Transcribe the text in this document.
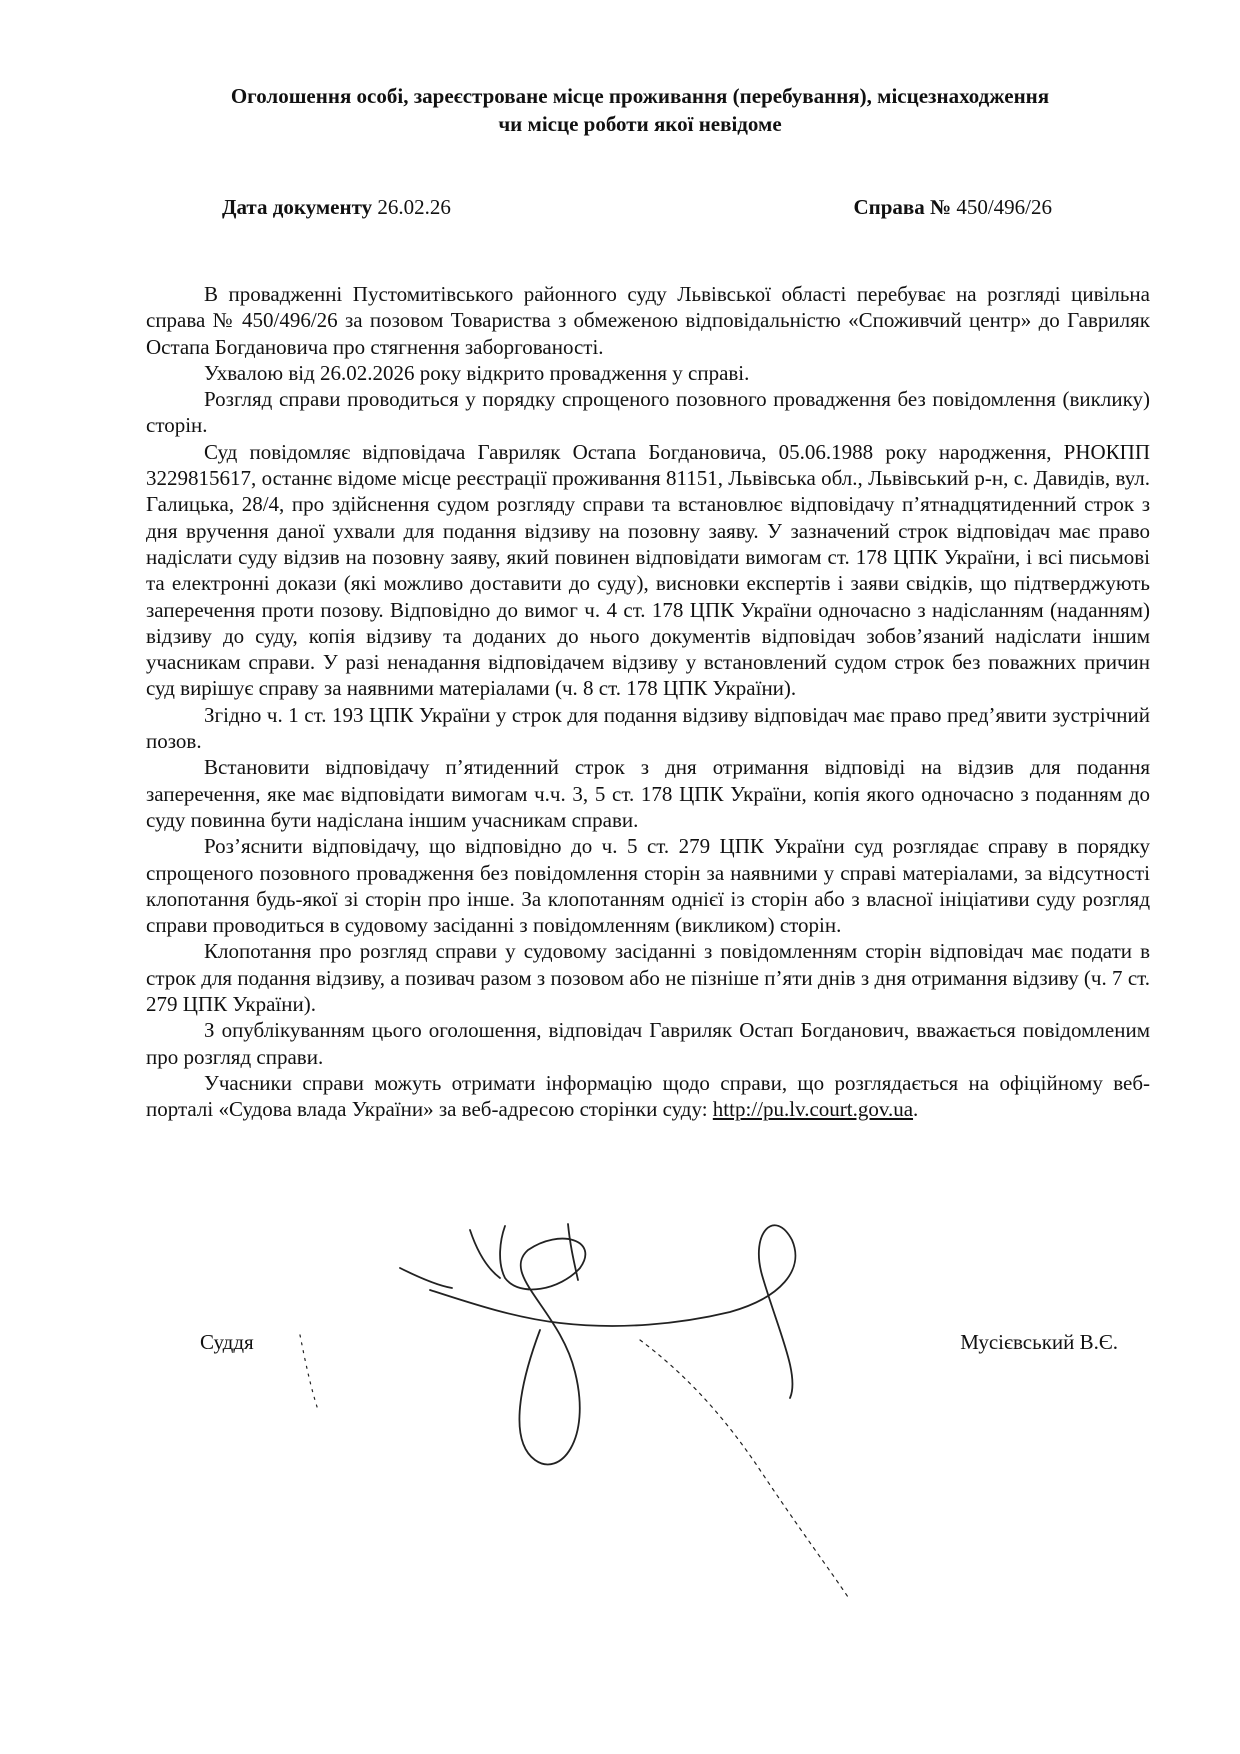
Оголошення особі, зареєстроване місце проживання (перебування), місцезнаходження
чи місце роботи якої невідоме
Дата документу 26.02.26	Справа № 450/496/26

В провадженні Пустомитівського районного суду Львівської області перебуває на розгляді цивільна справа № 450/496/26 за позовом Товариства з обмеженою відповідальністю «Споживчий центр» до Гавриляк Остапа Богдановича про стягнення заборгованості.

Ухвалою від 26.02.2026 року відкрито провадження у справі.

Розгляд справи проводиться у порядку спрощеного позовного провадження без повідомлення (виклику) сторін.

Суд повідомляє відповідача Гавриляк Остапа Богдановича, 05.06.1988 року народження, РНОКПП 3229815617, останнє відоме місце реєстрації проживання 81151, Львівська обл., Львівський р-н, с. Давидів, вул. Галицька, 28/4, про здійснення судом розгляду справи та встановлює відповідачу п’ятнадцятиденний строк з дня вручення даної ухвали для подання відзиву на позовну заяву. У зазначений строк відповідач має право надіслати суду відзив на позовну заяву, який повинен відповідати вимогам ст. 178 ЦПК України, і всі письмові та електронні докази (які можливо доставити до суду), висновки експертів і заяви свідків, що підтверджують заперечення проти позову. Відповідно до вимог ч. 4 ст. 178 ЦПК України одночасно з надісланням (наданням) відзиву до суду, копія відзиву та доданих до нього документів відповідач зобов’язаний надіслати іншим учасникам справи. У разі ненадання відповідачем відзиву у встановлений судом строк без поважних причин суд вирішує справу за наявними матеріалами (ч. 8 ст. 178 ЦПК України).

Згідно ч. 1 ст. 193 ЦПК України у строк для подання відзиву відповідач має право пред’явити зустрічний позов.

Встановити відповідачу п’ятиденний строк з дня отримання відповіді на відзив для подання заперечення, яке має відповідати вимогам ч.ч. 3, 5 ст. 178 ЦПК України, копія якого одночасно з поданням до суду повинна бути надіслана іншим учасникам справи.

Роз’яснити відповідачу, що відповідно до ч. 5 ст. 279 ЦПК України суд розглядає справу в порядку спрощеного позовного провадження без повідомлення сторін за наявними у справі матеріалами, за відсутності клопотання будь-якої зі сторін про інше. За клопотанням однієї із сторін або з власної ініціативи суду розгляд справи проводиться в судовому засіданні з повідомленням (викликом) сторін.

Клопотання про розгляд справи у судовому засіданні з повідомленням сторін відповідач має подати в строк для подання відзиву, а позивач разом з позовом або не пізніше п’яти днів з дня отримання відзиву (ч. 7 ст. 279 ЦПК України).

З опублікуванням цього оголошення, відповідач Гавриляк Остап Богданович, вважається повідомленим про розгляд справи.

Учасники справи можуть отримати інформацію щодо справи, що розглядається на офіційному веб-порталі «Судова влада України» за веб-адресою сторінки суду: http://pu.lv.court.gov.ua.

Суддя	Мусієвський В.Є.
